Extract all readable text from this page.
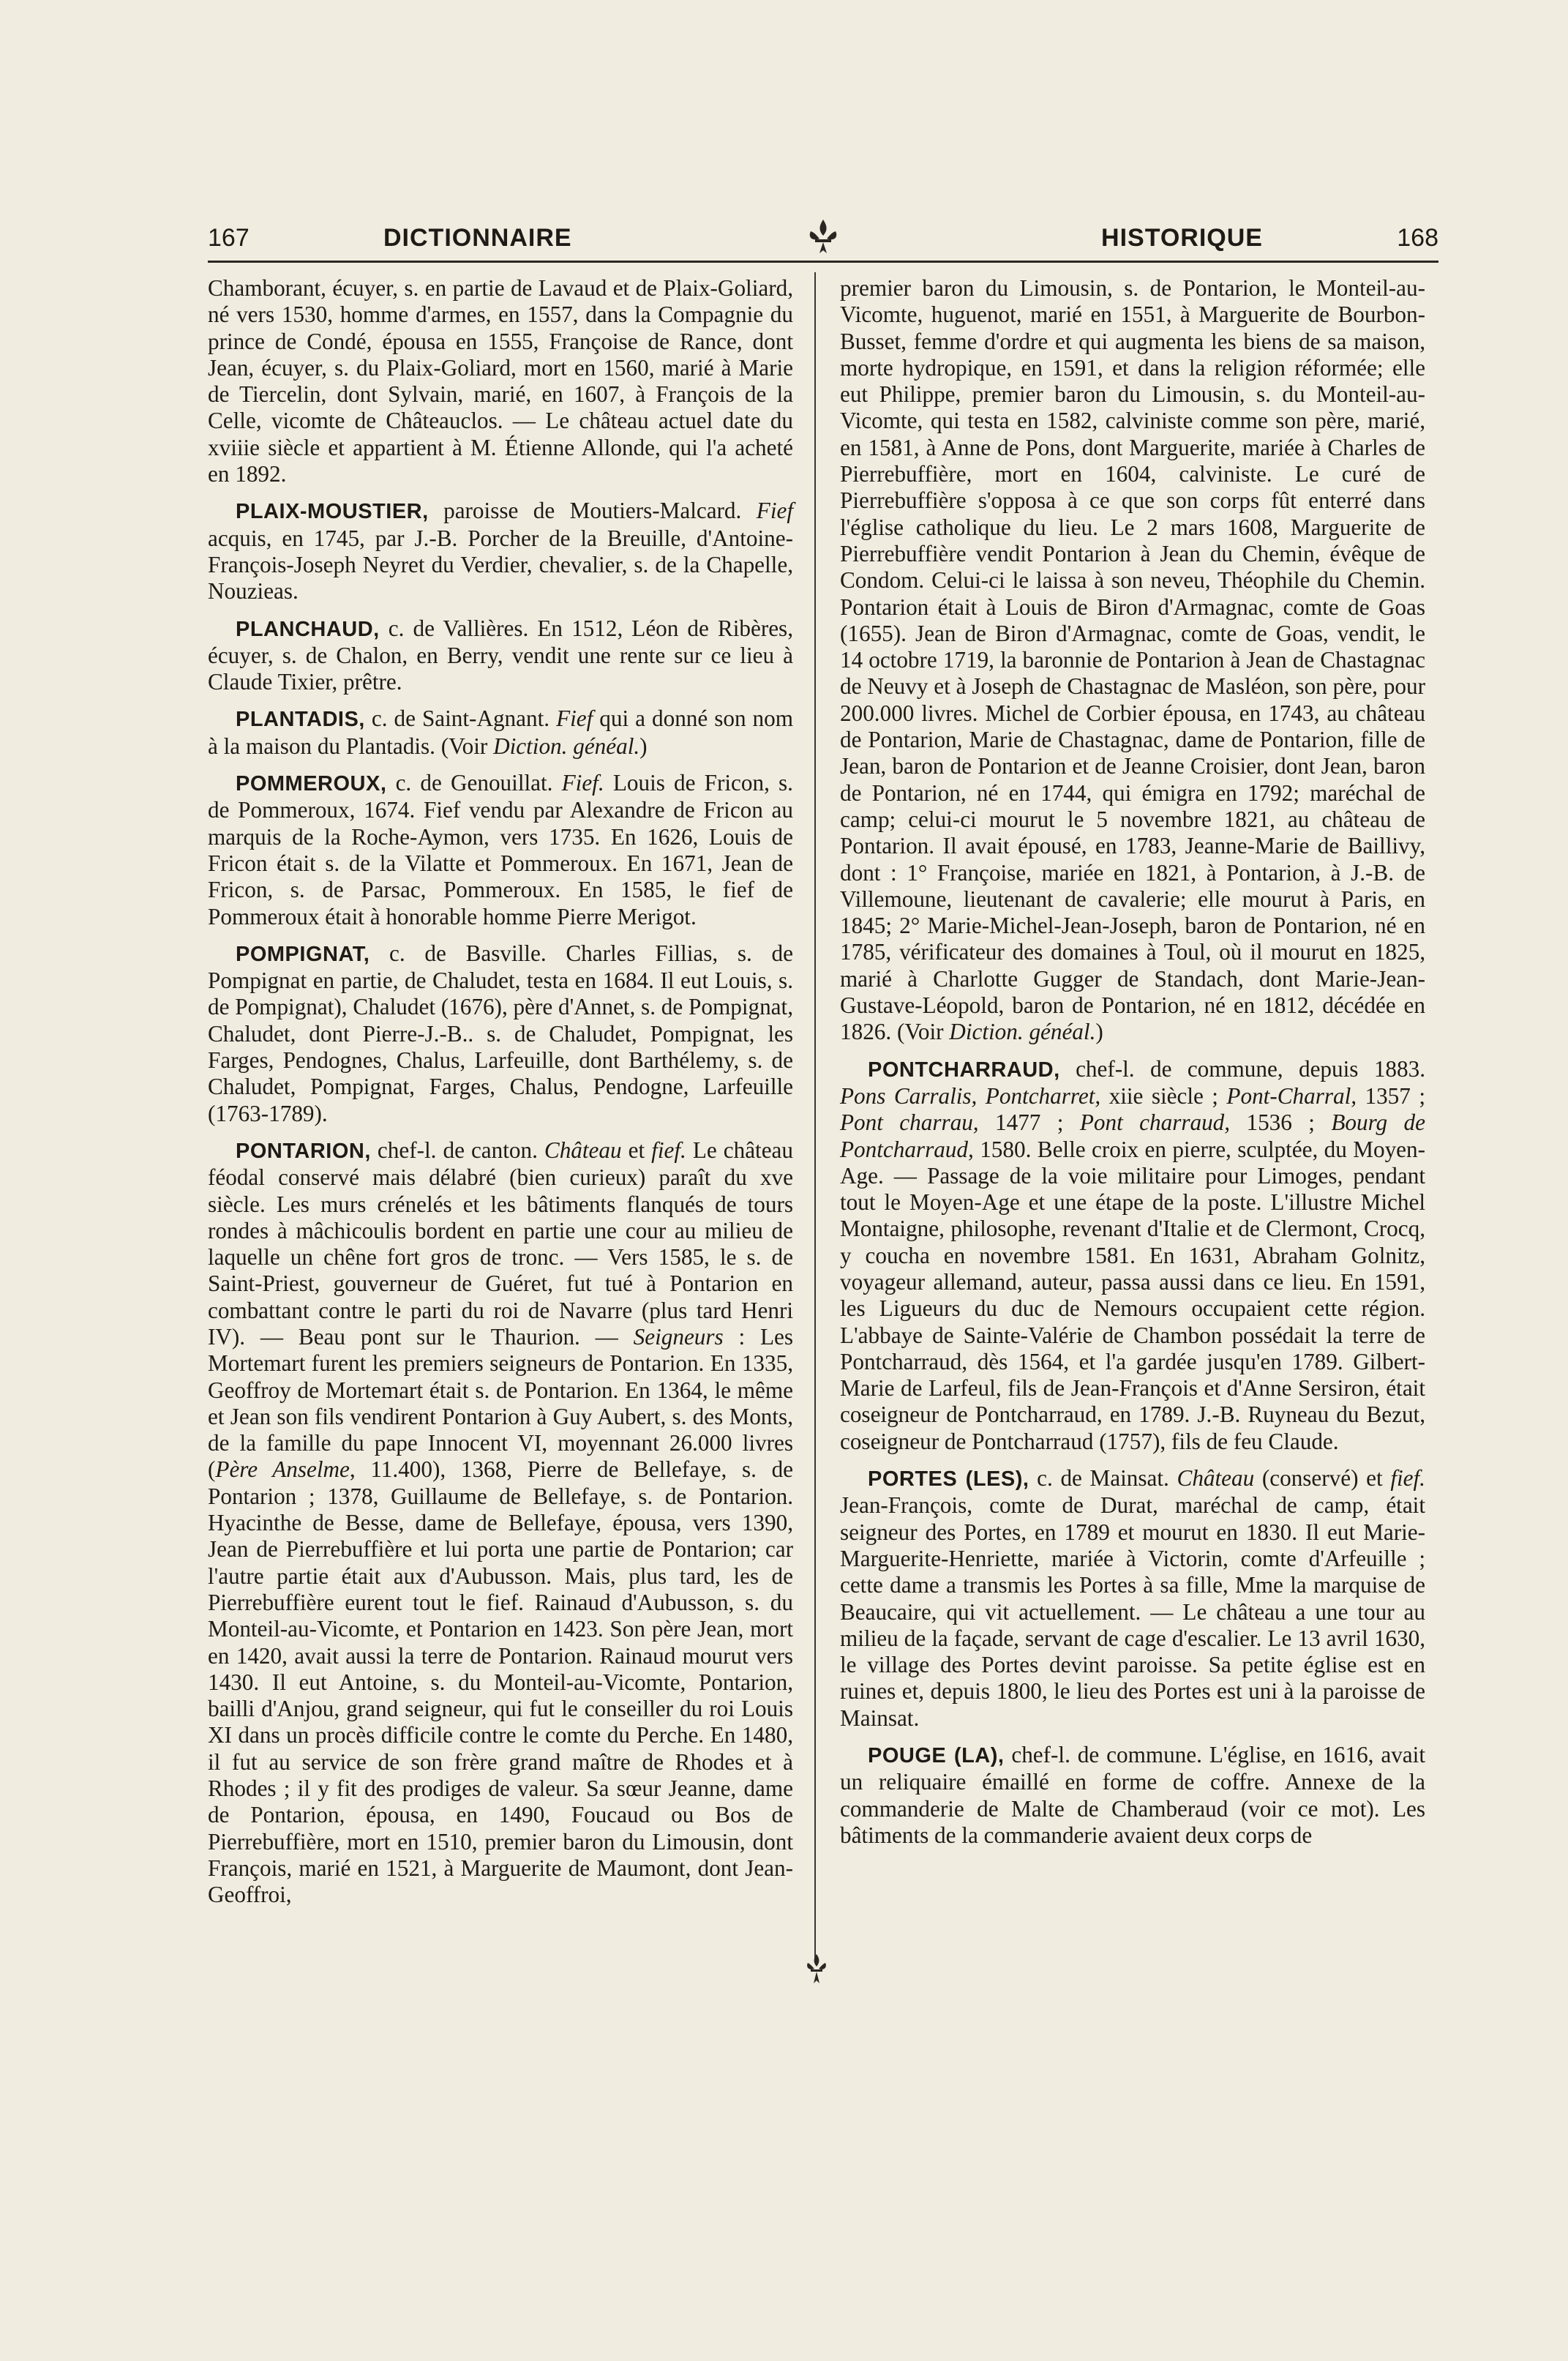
167	DICTIONNAIRE	HISTORIQUE	168

Chamborant, écuyer, s. en partie de Lavaud et de Plaix-Goliard, né vers 1530, homme d'armes, en 1557, dans la Compagnie du prince de Condé, épousa en 1555, Françoise de Rance, dont Jean, écuyer, s. du Plaix-Goliard, mort en 1560, marié à Marie de Tiercelin, dont Sylvain, marié, en 1607, à François de la Celle, vicomte de Châteauclos. — Le château actuel date du xviiie siècle et appartient à M. Étienne Allonde, qui l'a acheté en 1892.

PLAIX-MOUSTIER, paroisse de Moutiers-Malcard. Fief acquis, en 1745, par J.-B. Porcher de la Breuille, d'Antoine-François-Joseph Neyret du Verdier, chevalier, s. de la Chapelle, Nouzieas.

PLANCHAUD, c. de Vallières. En 1512, Léon de Ribères, écuyer, s. de Chalon, en Berry, vendit une rente sur ce lieu à Claude Tixier, prêtre.

PLANTADIS, c. de Saint-Agnant. Fief qui a donné son nom à la maison du Plantadis. (Voir Diction. généal.)

POMMEROUX, c. de Genouillat. Fief. Louis de Fricon, s. de Pommeroux, 1674. Fief vendu par Alexandre de Fricon au marquis de la Roche-Aymon, vers 1735. En 1626, Louis de Fricon était s. de la Vilatte et Pommeroux. En 1671, Jean de Fricon, s. de Parsac, Pommeroux. En 1585, le fief de Pommeroux était à honorable homme Pierre Merigot.

POMPIGNAT, c. de Basville. Charles Fillias, s. de Pompignat en partie, de Chaludet, testa en 1684. Il eut Louis, s. de Pompignat), Chaludet (1676), père d'Annet, s. de Pompignat, Chaludet, dont Pierre-J.-B.. s. de Chaludet, Pompignat, les Farges, Pendognes, Chalus, Larfeuille, dont Barthélemy, s. de Chaludet, Pompignat, Farges, Chalus, Pendogne, Larfeuille (1763-1789).

PONTARION, chef-l. de canton. Château et fief. Le château féodal conservé mais délabré (bien curieux) paraît du xve siècle. Les murs crénelés et les bâtiments flanqués de tours rondes à mâchicoulis bordent en partie une cour au milieu de laquelle un chêne fort gros de tronc. — Vers 1585, le s. de Saint-Priest, gouverneur de Guéret, fut tué à Pontarion en combattant contre le parti du roi de Navarre (plus tard Henri IV). — Beau pont sur le Thaurion. — Seigneurs : Les Mortemart furent les premiers seigneurs de Pontarion. En 1335, Geoffroy de Mortemart était s. de Pontarion. En 1364, le même et Jean son fils vendirent Pontarion à Guy Aubert, s. des Monts, de la famille du pape Innocent VI, moyennant 26.000 livres (Père Anselme, 11.400), 1368, Pierre de Bellefaye, s. de Pontarion ; 1378, Guillaume de Bellefaye, s. de Pontarion. Hyacinthe de Besse, dame de Bellefaye, épousa, vers 1390, Jean de Pierrebuffière et lui porta une partie de Pontarion; car l'autre partie était aux d'Aubusson. Mais, plus tard, les de Pierrebuffière eurent tout le fief. Rainaud d'Aubusson, s. du Monteil-au-Vicomte, et Pontarion en 1423. Son père Jean, mort en 1420, avait aussi la terre de Pontarion. Rainaud mourut vers 1430. Il eut Antoine, s. du Monteil-au-Vicomte, Pontarion, bailli d'Anjou, grand seigneur, qui fut le conseiller du roi Louis XI dans un procès difficile contre le comte du Perche. En 1480, il fut au service de son frère grand maître de Rhodes et à Rhodes ; il y fit des prodiges de valeur. Sa sœur Jeanne, dame de Pontarion, épousa, en 1490, Foucaud ou Bos de Pierrebuffière, mort en 1510, premier baron du Limousin, dont François, marié en 1521, à Marguerite de Maumont, dont Jean-Geoffroi,

premier baron du Limousin, s. de Pontarion, le Monteil-au-Vicomte, huguenot, marié en 1551, à Marguerite de Bourbon-Busset, femme d'ordre et qui augmenta les biens de sa maison, morte hydropique, en 1591, et dans la religion réformée; elle eut Philippe, premier baron du Limousin, s. du Monteil-au-Vicomte, qui testa en 1582, calviniste comme son père, marié, en 1581, à Anne de Pons, dont Marguerite, mariée à Charles de Pierrebuffière, mort en 1604, calviniste. Le curé de Pierrebuffière s'opposa à ce que son corps fût enterré dans l'église catholique du lieu. Le 2 mars 1608, Marguerite de Pierrebuffière vendit Pontarion à Jean du Chemin, évêque de Condom. Celui-ci le laissa à son neveu, Théophile du Chemin. Pontarion était à Louis de Biron d'Armagnac, comte de Goas (1655). Jean de Biron d'Armagnac, comte de Goas, vendit, le 14 octobre 1719, la baronnie de Pontarion à Jean de Chastagnac de Neuvy et à Joseph de Chastagnac de Masléon, son père, pour 200.000 livres. Michel de Corbier épousa, en 1743, au château de Pontarion, Marie de Chastagnac, dame de Pontarion, fille de Jean, baron de Pontarion et de Jeanne Croisier, dont Jean, baron de Pontarion, né en 1744, qui émigra en 1792; maréchal de camp; celui-ci mourut le 5 novembre 1821, au château de Pontarion. Il avait épousé, en 1783, Jeanne-Marie de Baillivy, dont : 1° Françoise, mariée en 1821, à Pontarion, à J.-B. de Villemoune, lieutenant de cavalerie; elle mourut à Paris, en 1845; 2° Marie-Michel-Jean-Joseph, baron de Pontarion, né en 1785, vérificateur des domaines à Toul, où il mourut en 1825, marié à Charlotte Gugger de Standach, dont Marie-Jean-Gustave-Léopold, baron de Pontarion, né en 1812, décédée en 1826. (Voir Diction. généal.)

PONTCHARRAUD, chef-l. de commune, depuis 1883. Pons Carralis, Pontcharret, xiie siècle ; Pont-Charral, 1357 ; Pont charrau, 1477 ; Pont charraud, 1536 ; Bourg de Pontcharraud, 1580. Belle croix en pierre, sculptée, du Moyen-Age. — Passage de la voie militaire pour Limoges, pendant tout le Moyen-Age et une étape de la poste. L'illustre Michel Montaigne, philosophe, revenant d'Italie et de Clermont, Crocq, y coucha en novembre 1581. En 1631, Abraham Golnitz, voyageur allemand, auteur, passa aussi dans ce lieu. En 1591, les Ligueurs du duc de Nemours occupaient cette région. L'abbaye de Sainte-Valérie de Chambon possédait la terre de Pontcharraud, dès 1564, et l'a gardée jusqu'en 1789. Gilbert-Marie de Larfeul, fils de Jean-François et d'Anne Sersiron, était coseigneur de Pontcharraud, en 1789. J.-B. Ruyneau du Bezut, coseigneur de Pontcharraud (1757), fils de feu Claude.

PORTES (LES), c. de Mainsat. Château (conservé) et fief. Jean-François, comte de Durat, maréchal de camp, était seigneur des Portes, en 1789 et mourut en 1830. Il eut Marie-Marguerite-Henriette, mariée à Victorin, comte d'Arfeuille ; cette dame a transmis les Portes à sa fille, Mme la marquise de Beaucaire, qui vit actuellement. — Le château a une tour au milieu de la façade, servant de cage d'escalier. Le 13 avril 1630, le village des Portes devint paroisse. Sa petite église est en ruines et, depuis 1800, le lieu des Portes est uni à la paroisse de Mainsat.

POUGE (LA), chef-l. de commune. L'église, en 1616, avait un reliquaire émaillé en forme de coffre. Annexe de la commanderie de Malte de Chamberaud (voir ce mot). Les bâtiments de la commanderie avaient deux corps de
